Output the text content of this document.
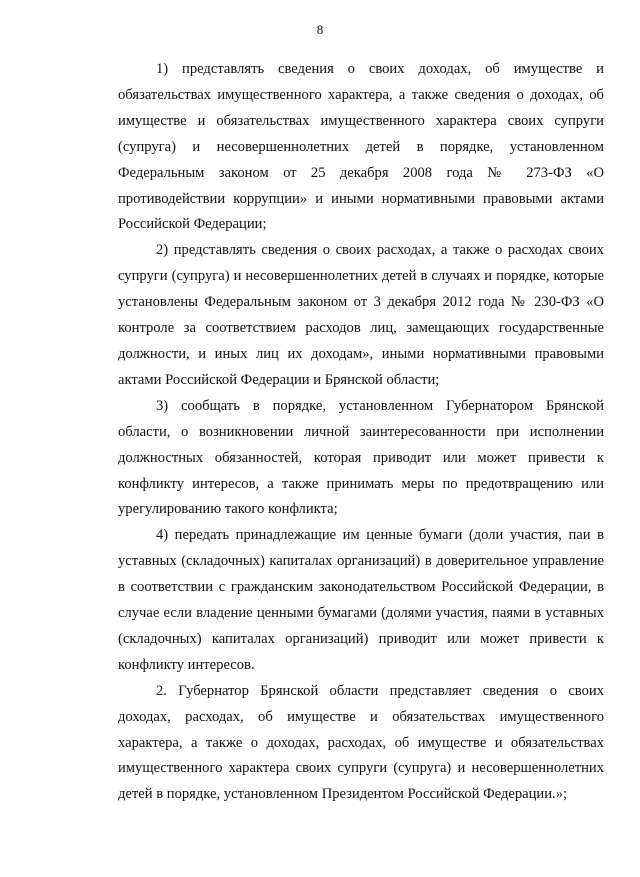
8

1) представлять сведения о своих доходах, об имуществе и обязательствах имущественного характера, а также сведения о доходах, об имуществе и обязательствах имущественного характера своих супруги (супруга) и несовершеннолетних детей в порядке, установленном Федеральным законом от 25 декабря 2008 года № 273-ФЗ «О противодействии коррупции» и иными нормативными правовыми актами Российской Федерации;

2) представлять сведения о своих расходах, а также о расходах своих супруги (супруга) и несовершеннолетних детей в случаях и порядке, которые установлены Федеральным законом от 3 декабря 2012 года № 230-ФЗ «О контроле за соответствием расходов лиц, замещающих государственные должности, и иных лиц их доходам», иными нормативными правовыми актами Российской Федерации и Брянской области;

3) сообщать в порядке, установленном Губернатором Брянской области, о возникновении личной заинтересованности при исполнении должностных обязанностей, которая приводит или может привести к конфликту интересов, а также принимать меры по предотвращению или урегулированию такого конфликта;

4) передать принадлежащие им ценные бумаги (доли участия, паи в уставных (складочных) капиталах организаций) в доверительное управление в соответствии с гражданским законодательством Российской Федерации, в случае если владение ценными бумагами (долями участия, паями в уставных (складочных) капиталах организаций) приводит или может привести к конфликту интересов.

2. Губернатор Брянской области представляет сведения о своих доходах, расходах, об имуществе и обязательствах имущественного характера, а также о доходах, расходах, об имуществе и обязательствах имущественного характера своих супруги (супруга) и несовершеннолетних детей в порядке, установленном Президентом Российской Федерации.»;
